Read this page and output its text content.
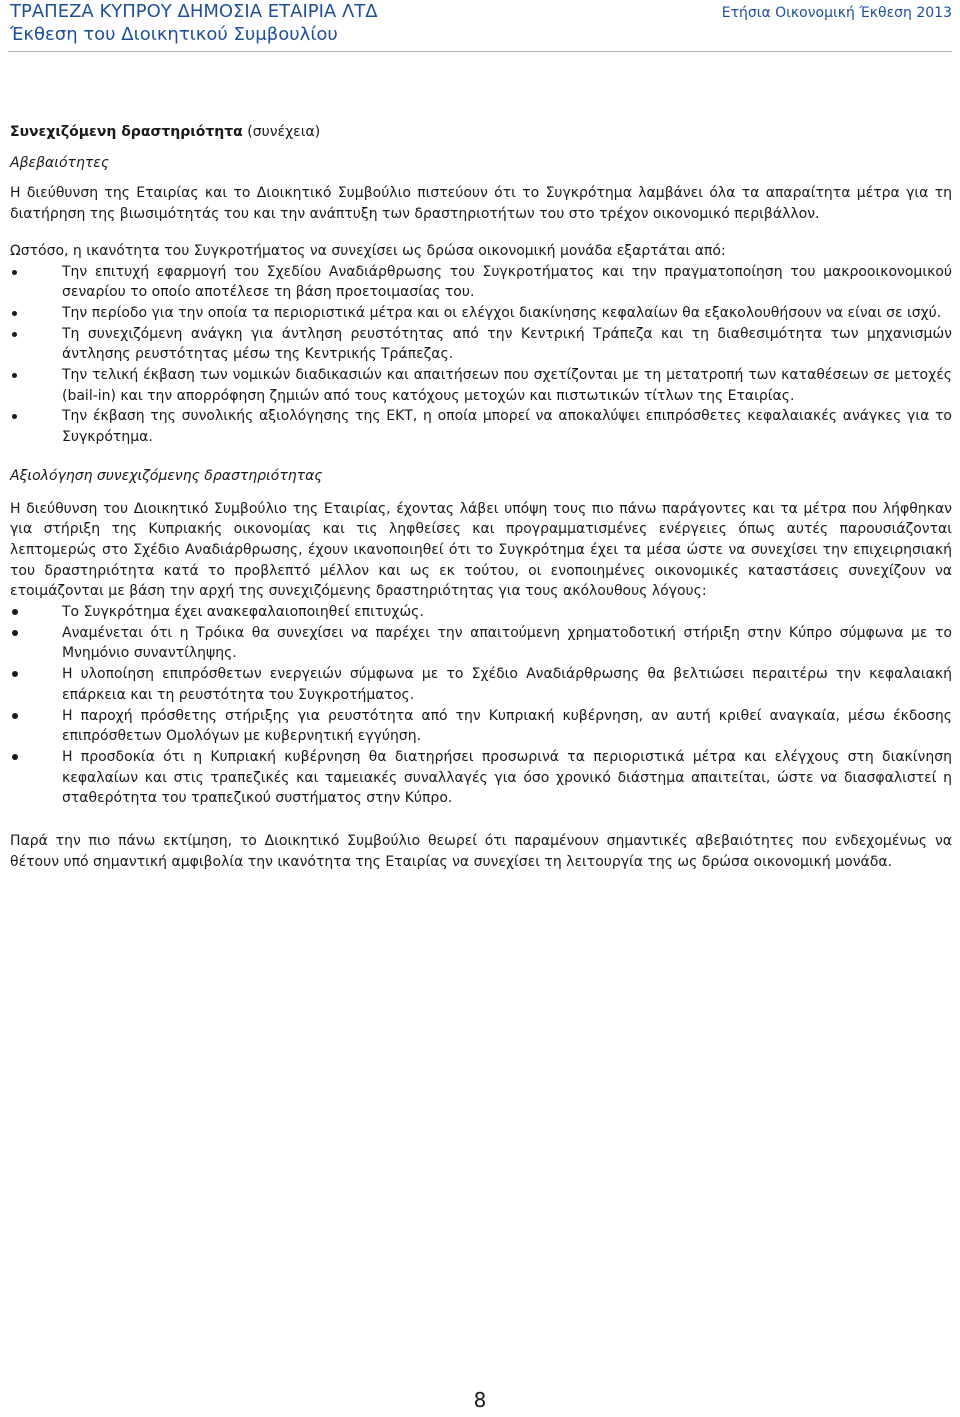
ΤΡΑΠΕΖΑ ΚΥΠΡΟΥ ΔΗΜΟΣΙΑ ΕΤΑΙΡΙΑ ΛΤΔ
Έκθεση του Διοικητικού Συμβουλίου
Ετήσια Οικονομική Έκθεση 2013

Συνεχιζόμενη δραστηριότητα (συνέχεια)

Αβεβαιότητες

Η διεύθυνση της Εταιρίας και το Διοικητικό Συμβούλιο πιστεύουν ότι το Συγκρότημα λαμβάνει όλα τα απαραίτητα μέτρα για τη διατήρηση της βιωσιμότητάς του και την ανάπτυξη των δραστηριοτήτων του στο τρέχον οικονομικό περιβάλλον.

Ωστόσο, η ικανότητα του Συγκροτήματος να συνεχίσει ως δρώσα οικονομική μονάδα εξαρτάται από:

Την επιτυχή εφαρμογή του Σχεδίου Αναδιάρθρωσης του Συγκροτήματος και την πραγματοποίηση του μακροοικονομικού σεναρίου το οποίο αποτέλεσε τη βάση προετοιμασίας του.
Την περίοδο για την οποία τα περιοριστικά μέτρα και οι ελέγχοι διακίνησης κεφαλαίων θα εξακολουθήσουν να είναι σε ισχύ.
Τη συνεχιζόμενη ανάγκη για άντληση ρευστότητας από την Κεντρική Τράπεζα και τη διαθεσιμότητα των μηχανισμών άντλησης ρευστότητας μέσω της Κεντρικής Τράπεζας.
Την τελική έκβαση των νομικών διαδικασιών και απαιτήσεων που σχετίζονται με τη μετατροπή των καταθέσεων σε μετοχές (bail-in) και την απορρόφηση ζημιών από τους κατόχους μετοχών και πιστωτικών τίτλων της Εταιρίας.
Την έκβαση της συνολικής αξιολόγησης της ΕΚΤ, η οποία μπορεί να αποκαλύψει επιπρόσθετες κεφαλαιακές ανάγκες για το Συγκρότημα.

Αξιολόγηση συνεχιζόμενης δραστηριότητας

Η διεύθυνση του Διοικητικό Συμβούλιο της Εταιρίας, έχοντας λάβει υπόψη τους πιο πάνω παράγοντες και τα μέτρα που λήφθηκαν για στήριξη της Κυπριακής οικονομίας και τις ληφθείσες και προγραμματισμένες ενέργειες όπως αυτές παρουσιάζονται λεπτομερώς στο Σχέδιο Αναδιάρθρωσης, έχουν ικανοποιηθεί ότι το Συγκρότημα έχει τα μέσα ώστε να συνεχίσει την επιχειρησιακή του δραστηριότητα κατά το προβλεπτό μέλλον και ως εκ τούτου, οι ενοποιημένες οικονομικές καταστάσεις συνεχίζουν να ετοιμάζονται με βάση την αρχή της συνεχιζόμενης δραστηριότητας για τους ακόλουθους λόγους:

Το Συγκρότημα έχει ανακεφαλαιοποιηθεί επιτυχώς.
Αναμένεται ότι η Τρόικα θα συνεχίσει να παρέχει την απαιτούμενη χρηματοδοτική στήριξη στην Κύπρο σύμφωνα με το Μνημόνιο συναντίληψης.
Η υλοποίηση επιπρόσθετων ενεργειών σύμφωνα με το Σχέδιο Αναδιάρθρωσης θα βελτιώσει περαιτέρω την κεφαλαιακή επάρκεια και τη ρευστότητα του Συγκροτήματος.
Η παροχή πρόσθετης στήριξης για ρευστότητα από την Κυπριακή κυβέρνηση, αν αυτή κριθεί αναγκαία, μέσω έκδοσης επιπρόσθετων Ομολόγων με κυβερνητική εγγύηση.
Η προσδοκία ότι η Κυπριακή κυβέρνηση θα διατηρήσει προσωρινά τα περιοριστικά μέτρα και ελέγχους στη διακίνηση κεφαλαίων και στις τραπεζικές και ταμειακές συναλλαγές για όσο χρονικό διάστημα απαιτείται, ώστε να διασφαλιστεί η σταθερότητα του τραπεζικού συστήματος στην Κύπρο.

Παρά την πιο πάνω εκτίμηση, το Διοικητικό Συμβούλιο θεωρεί ότι παραμένουν σημαντικές αβεβαιότητες που ενδεχομένως να θέτουν υπό σημαντική αμφιβολία την ικανότητα της Εταιρίας να συνεχίσει τη λειτουργία της ως δρώσα οικονομική μονάδα.

8
